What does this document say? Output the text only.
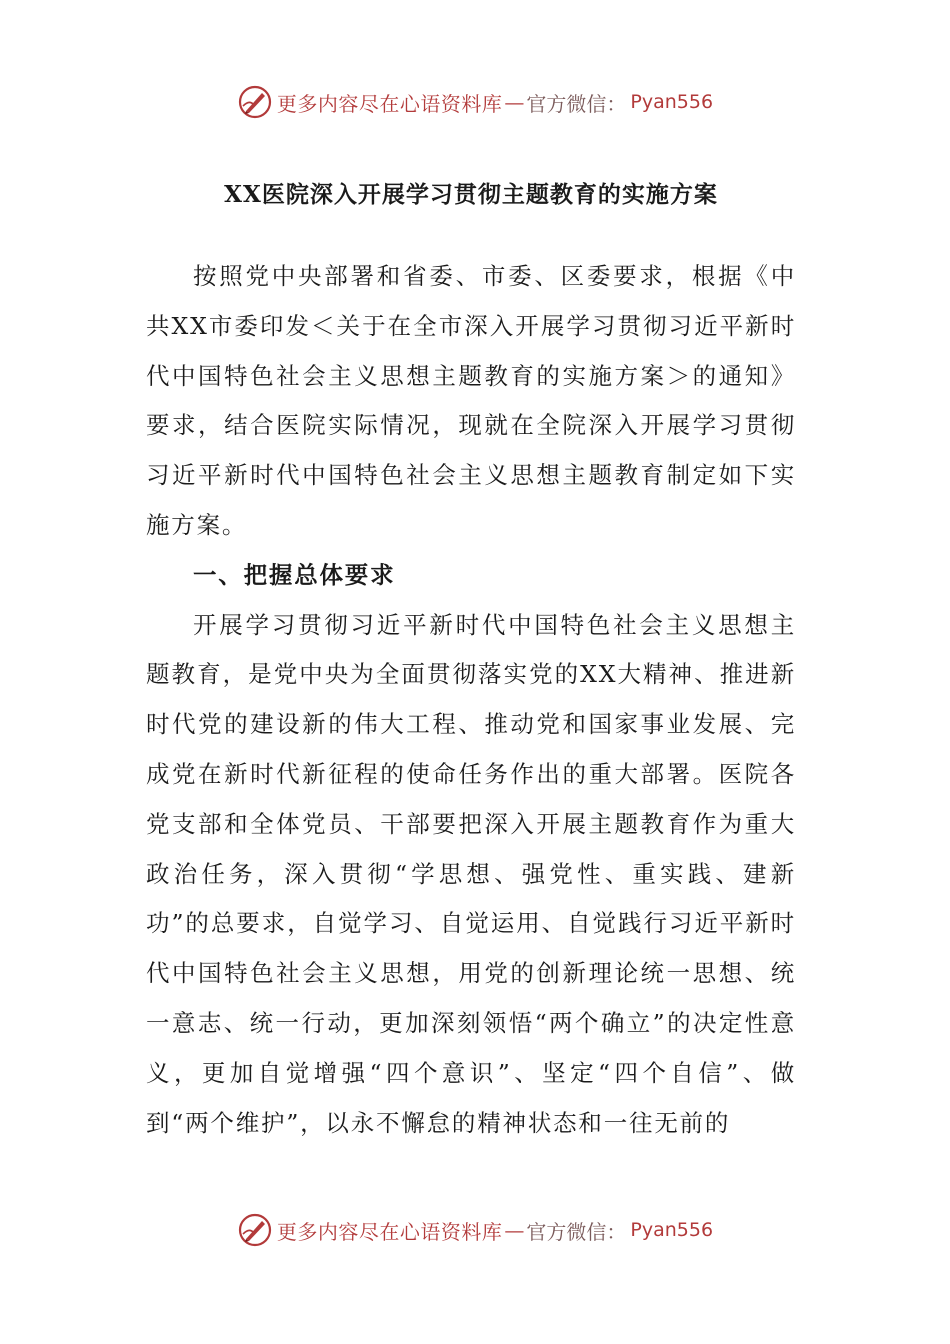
更多内容尽在心语资料库 — 官方微信： Pyan556
XX医院深入开展学习贯彻主题教育的实施方案

按照党中央部署和省委、市委、区委要求，根据《中共XX市委印发＜关于在全市深入开展学习贯彻习近平新时代中国特色社会主义思想主题教育的实施方案＞的通知》要求，结合医院实际情况，现就在全院深入开展学习贯彻习近平新时代中国特色社会主义思想主题教育制定如下实施方案。

一、把握总体要求

开展学习贯彻习近平新时代中国特色社会主义思想主题教育，是党中央为全面贯彻落实党的XX大精神、推进新时代党的建设新的伟大工程、推动党和国家事业发展、完成党在新时代新征程的使命任务作出的重大部署。医院各党支部和全体党员、干部要把深入开展主题教育作为重大政治任务，深入贯彻“学思想、强党性、重实践、建新功”的总要求，自觉学习、自觉运用、自觉践行习近平新时代中国特色社会主义思想，用党的创新理论统一思想、统一意志、统一行动，更加深刻领悟“两个确立”的决定性意义，更加自觉增强“四个意识”、坚定“四个自信”、做到“两个维护”，以永不懈怠的精神状态和一往无前的

更多内容尽在心语资料库 — 官方微信： Pyan556
